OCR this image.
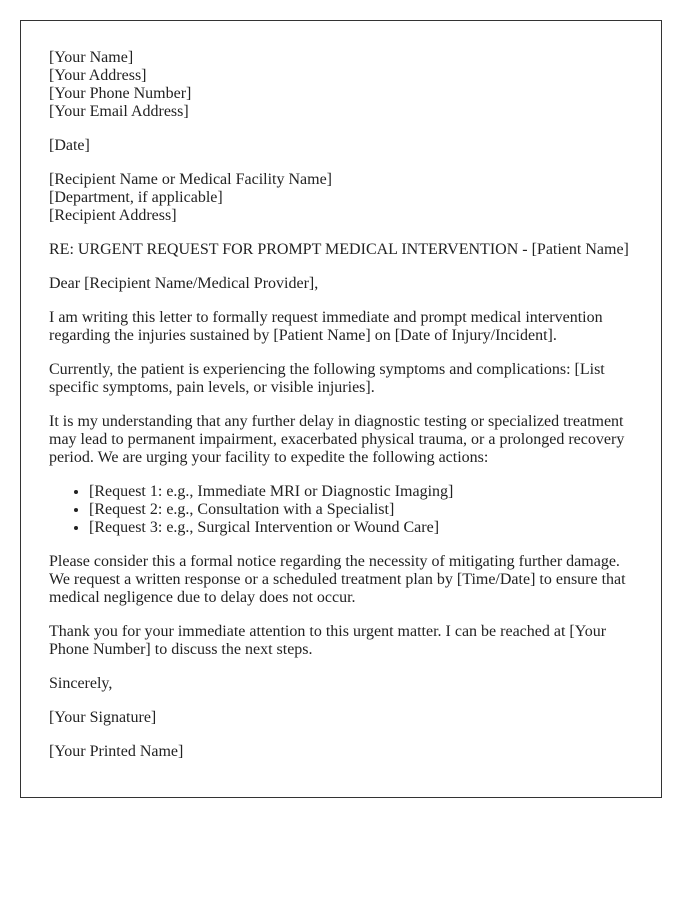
[Your Name]
[Your Address]
[Your Phone Number]
[Your Email Address]

[Date]

[Recipient Name or Medical Facility Name]
[Department, if applicable]
[Recipient Address]

RE: URGENT REQUEST FOR PROMPT MEDICAL INTERVENTION - [Patient Name]

Dear [Recipient Name/Medical Provider],

I am writing this letter to formally request immediate and prompt medical intervention regarding the injuries sustained by [Patient Name] on [Date of Injury/Incident].

Currently, the patient is experiencing the following symptoms and complications: [List specific symptoms, pain levels, or visible injuries].

It is my understanding that any further delay in diagnostic testing or specialized treatment may lead to permanent impairment, exacerbated physical trauma, or a prolonged recovery period. We are urging your facility to expedite the following actions:

• [Request 1: e.g., Immediate MRI or Diagnostic Imaging]
• [Request 2: e.g., Consultation with a Specialist]
• [Request 3: e.g., Surgical Intervention or Wound Care]

Please consider this a formal notice regarding the necessity of mitigating further damage. We request a written response or a scheduled treatment plan by [Time/Date] to ensure that medical negligence due to delay does not occur.

Thank you for your immediate attention to this urgent matter. I can be reached at [Your Phone Number] to discuss the next steps.

Sincerely,

[Your Signature]

[Your Printed Name]
